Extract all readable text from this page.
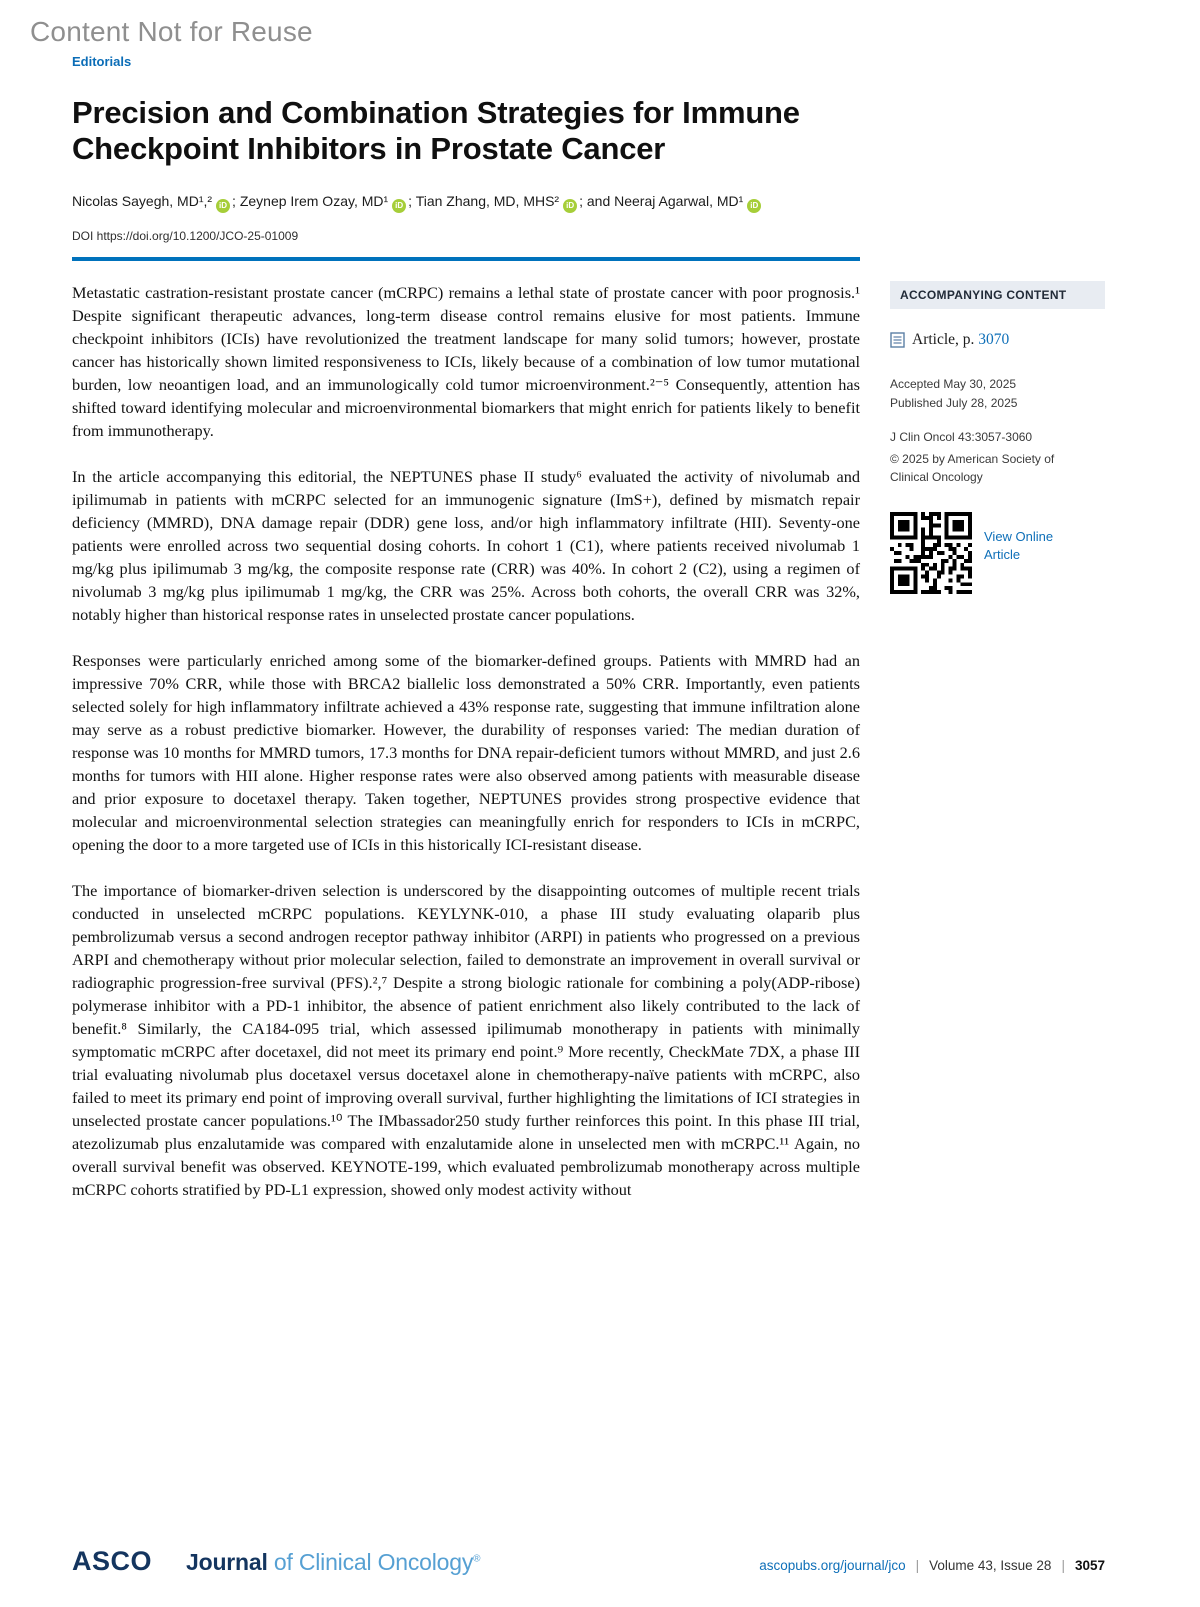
Content Not for Reuse
Editorials
Precision and Combination Strategies for Immune Checkpoint Inhibitors in Prostate Cancer
Nicolas Sayegh, MD¹,² iD ; Zeynep Irem Ozay, MD¹ iD ; Tian Zhang, MD, MHS² iD ; and Neeraj Agarwal, MD¹iD
DOI https://doi.org/10.1200/JCO-25-01009

Metastatic castration-resistant prostate cancer (mCRPC) remains a lethal state of prostate cancer with poor prognosis.¹ Despite significant therapeutic advances, long-term disease control remains elusive for most patients. Immune checkpoint inhibitors (ICIs) have revolutionized the treatment landscape for many solid tumors; however, prostate cancer has historically shown limited responsiveness to ICIs, likely because of a combination of low tumor mutational burden, low neoantigen load, and an immunologically cold tumor microenvironment.²⁻⁵ Consequently, attention has shifted toward identifying molecular and microenvironmental biomarkers that might enrich for patients likely to benefit from immunotherapy.

In the article accompanying this editorial, the NEPTUNES phase II study⁶ evaluated the activity of nivolumab and ipilimumab in patients with mCRPC selected for an immunogenic signature (ImS+), defined by mismatch repair deficiency (MMRD), DNA damage repair (DDR) gene loss, and/or high inflammatory infiltrate (HII). Seventy-one patients were enrolled across two sequential dosing cohorts. In cohort 1 (C1), where patients received nivolumab 1 mg/kg plus ipilimumab 3 mg/kg, the composite response rate (CRR) was 40%. In cohort 2 (C2), using a regimen of nivolumab 3 mg/kg plus ipilimumab 1 mg/kg, the CRR was 25%. Across both cohorts, the overall CRR was 32%, notably higher than historical response rates in unselected prostate cancer populations.

Responses were particularly enriched among some of the biomarker-defined groups. Patients with MMRD had an impressive 70% CRR, while those with BRCA2 biallelic loss demonstrated a 50% CRR. Importantly, even patients selected solely for high inflammatory infiltrate achieved a 43% response rate, suggesting that immune infiltration alone may serve as a robust predictive biomarker. However, the durability of responses varied: The median duration of response was 10 months for MMRD tumors, 17.3 months for DNA repair-deficient tumors without MMRD, and just 2.6 months for tumors with HII alone. Higher response rates were also observed among patients with measurable disease and prior exposure to docetaxel therapy. Taken together, NEPTUNES provides strong prospective evidence that molecular and microenvironmental selection strategies can meaningfully enrich for responders to ICIs in mCRPC, opening the door to a more targeted use of ICIs in this historically ICI-resistant disease.

The importance of biomarker-driven selection is underscored by the disappointing outcomes of multiple recent trials conducted in unselected mCRPC populations. KEYLYNK-010, a phase III study evaluating olaparib plus pembrolizumab versus a second androgen receptor pathway inhibitor (ARPI) in patients who progressed on a previous ARPI and chemotherapy without prior molecular selection, failed to demonstrate an improvement in overall survival or radiographic progression-free survival (PFS).²,⁷ Despite a strong biologic rationale for combining a poly(ADP-ribose) polymerase inhibitor with a PD-1 inhibitor, the absence of patient enrichment also likely contributed to the lack of benefit.⁸ Similarly, the CA184-095 trial, which assessed ipilimumab monotherapy in patients with minimally symptomatic mCRPC after docetaxel, did not meet its primary end point.⁹ More recently, CheckMate 7DX, a phase III trial evaluating nivolumab plus docetaxel versus docetaxel alone in chemotherapy-naïve patients with mCRPC, also failed to meet its primary end point of improving overall survival, further highlighting the limitations of ICI strategies in unselected prostate cancer populations.¹⁰ The IMbassador250 study further reinforces this point. In this phase III trial, atezolizumab plus enzalutamide was compared with enzalutamide alone in unselected men with mCRPC.¹¹ Again, no overall survival benefit was observed. KEYNOTE-199, which evaluated pembrolizumab monotherapy across multiple mCRPC cohorts stratified by PD-L1 expression, showed only modest activity without

ACCOMPANYING CONTENT
Article, p. 3070
Accepted May 30, 2025
Published July 28, 2025
J Clin Oncol 43:3057-3060
© 2025 by American Society of Clinical Oncology
View Online Article
ASCO Journal of Clinical Oncology®	ascopubs.org/journal/jco | Volume 43, Issue 28 | 3057
